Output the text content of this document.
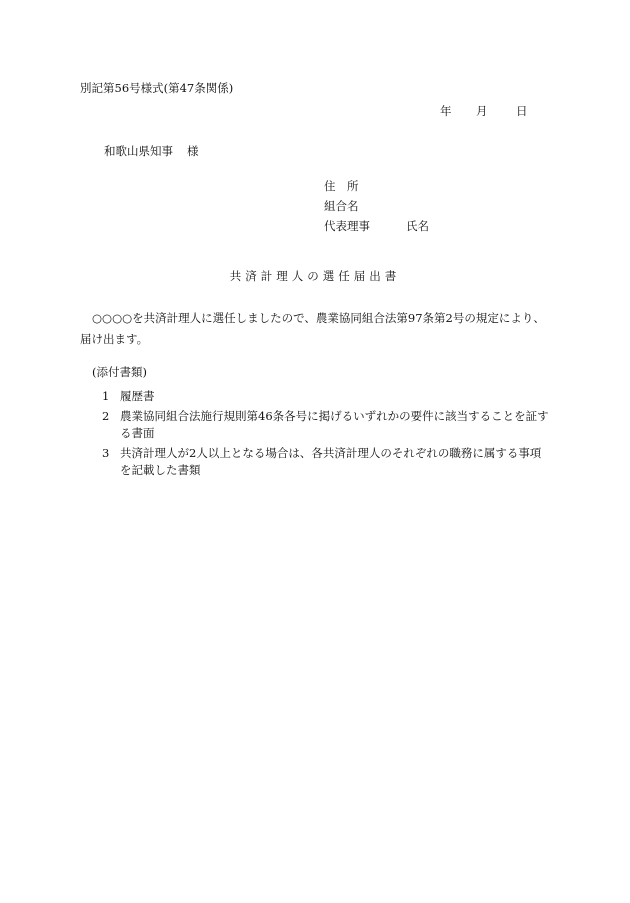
別記第56号様式(第47条関係)
年 月 日
和歌山県知事 様
住　所
組合名
代表理事	氏名
共済計理人の選任届出書
○○○○を共済計理人に選任しましたので、農業協同組合法第97条第2号の規定により、届け出ます。
(添付書類)
1 履歴書
2 農業協同組合法施行規則第46条各号に掲げるいずれかの要件に該当することを証する書面
3 共済計理人が2人以上となる場合は、各共済計理人のそれぞれの職務に属する事項を記載した書類
